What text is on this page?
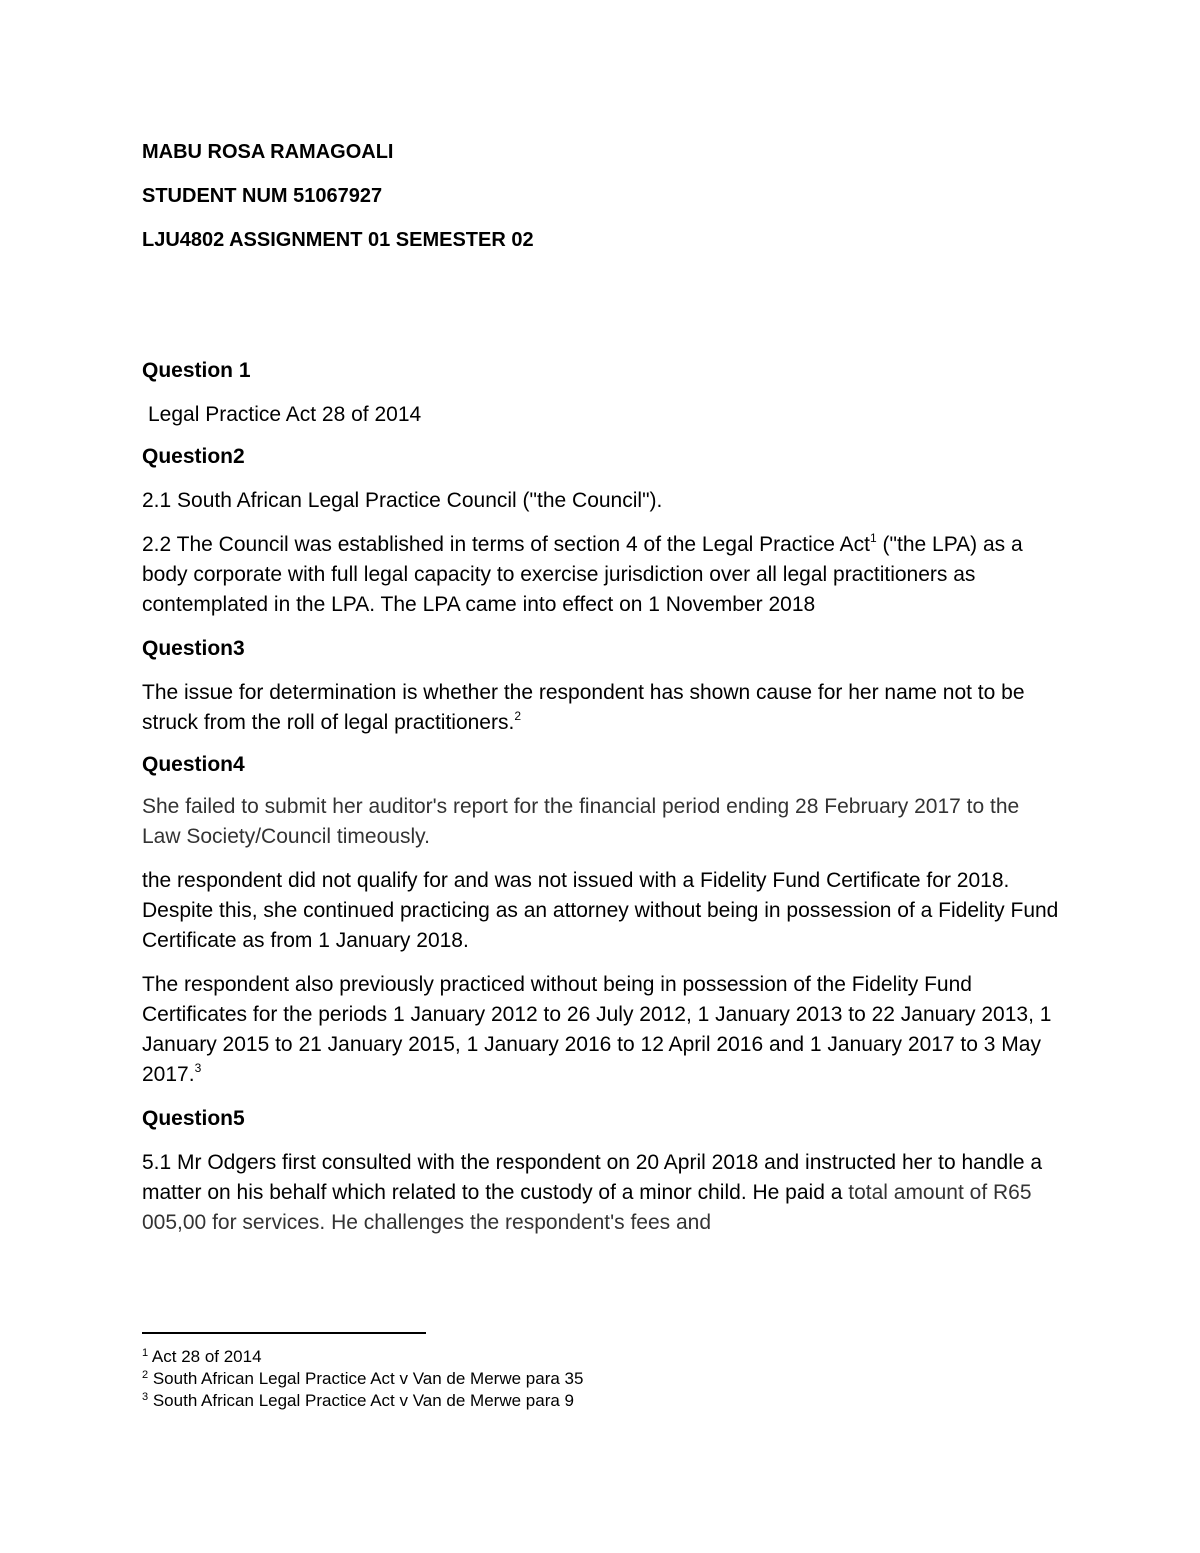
MABU ROSA RAMAGOALI

STUDENT NUM 51067927

LJU4802 ASSIGNMENT 01 SEMESTER 02

Question 1

Legal Practice Act 28 of 2014

Question2

2.1 South African Legal Practice Council ("the Council").

2.2 The Council was established in terms of section 4 of the Legal Practice Act$^1$ ("the LPA) as a body corporate with full legal capacity to exercise jurisdiction over all legal practitioners as contemplated in the LPA. The LPA came into effect on 1 November 2018

Question3

The issue for determination is whether the respondent has shown cause for her name not to be struck from the roll of legal practitioners.$^2$

Question4

She failed to submit her auditor's report for the financial period ending 28 February 2017 to the Law Society/Council timeously.

the respondent did not qualify for and was not issued with a Fidelity Fund Certificate for 2018. Despite this, she continued practicing as an attorney without being in possession of a Fidelity Fund Certificate as from 1 January 2018.

The respondent also previously practiced without being in possession of the Fidelity Fund Certificates for the periods 1 January 2012 to 26 July 2012, 1 January 2013 to 22 January 2013, 1 January 2015 to 21 January 2015, 1 January 2016 to 12 April 2016 and 1 January 2017 to 3 May 2017.$^3$

Question5

5.1 Mr Odgers first consulted with the respondent on 20 April 2018 and instructed her to handle a matter on his behalf which related to the custody of a minor child. He paid a total amount of R65 005,00 for services. He challenges the respondent's fees and

$^1$ Act 28 of 2014

$^2$ South African Legal Practice Act v Van de Merwe para 35

$^3$ South African Legal Practice Act v Van de Merwe para 9
